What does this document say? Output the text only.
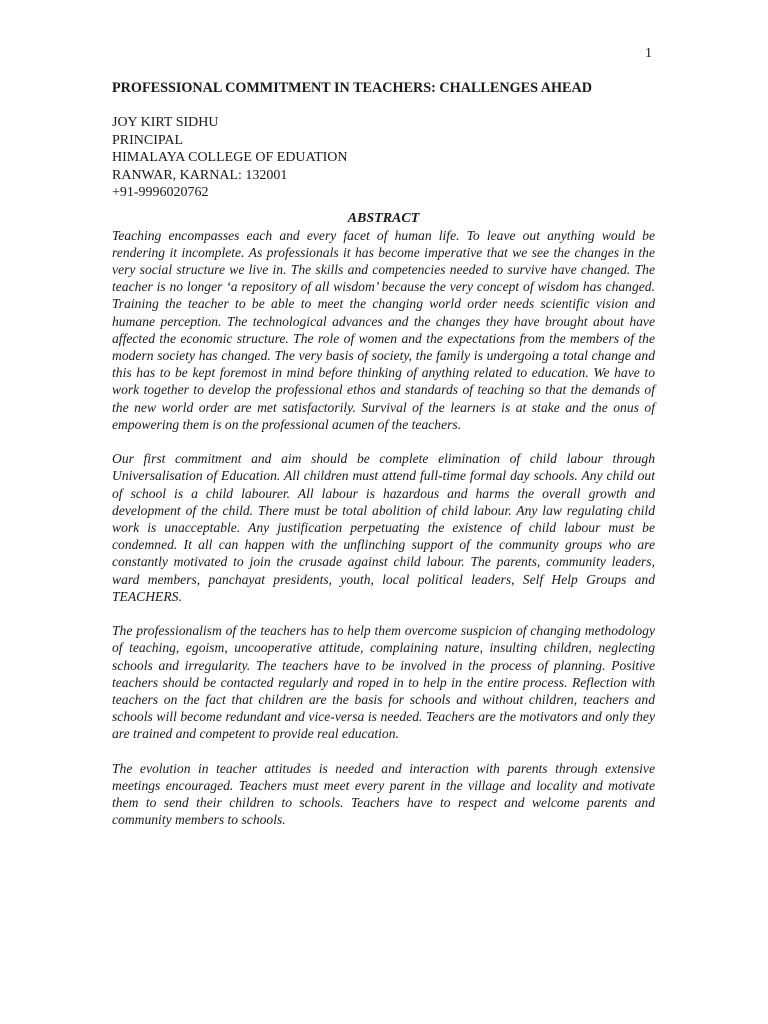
1
PROFESSIONAL COMMITMENT IN TEACHERS: CHALLENGES AHEAD
JOY KIRT SIDHU
PRINCIPAL
HIMALAYA COLLEGE OF EDUATION
RANWAR, KARNAL: 132001
+91-9996020762
ABSTRACT

Teaching encompasses each and every facet of human life. To leave out anything would be rendering it incomplete. As professionals it has become imperative that we see the changes in the very social structure we live in. The skills and competencies needed to survive have changed. The teacher is no longer ‘a repository of all wisdom’ because the very concept of wisdom has changed. Training the teacher to be able to meet the changing world order needs scientific vision and humane perception. The technological advances and the changes they have brought about have affected the economic structure. The role of women and the expectations from the members of the modern society has changed. The very basis of society, the family is undergoing a total change and this has to be kept foremost in mind before thinking of anything related to education. We have to work together to develop the professional ethos and standards of teaching so that the demands of the new world order are met satisfactorily. Survival of the learners is at stake and the onus of empowering them is on the professional acumen of the teachers.

Our first commitment and aim should be complete elimination of child labour through Universalisation of Education. All children must attend full-time formal day schools. Any child out of school is a child labourer. All labour is hazardous and harms the overall growth and development of the child. There must be total abolition of child labour. Any law regulating child work is unacceptable. Any justification perpetuating the existence of child labour must be condemned. It all can happen with the unflinching support of the community groups who are constantly motivated to join the crusade against child labour. The parents, community leaders, ward members, panchayat presidents, youth, local political leaders, Self Help Groups and TEACHERS.

The professionalism of the teachers has to help them overcome suspicion of changing methodology of teaching, egoism, uncooperative attitude, complaining nature, insulting children, neglecting schools and irregularity. The teachers have to be involved in the process of planning. Positive teachers should be contacted regularly and roped in to help in the entire process. Reflection with teachers on the fact that children are the basis for schools and without children, teachers and schools will become redundant and vice-versa is needed. Teachers are the motivators and only they are trained and competent to provide real education.

The evolution in teacher attitudes is needed and interaction with parents through extensive meetings encouraged. Teachers must meet every parent in the village and locality and motivate them to send their children to schools. Teachers have to respect and welcome parents and community members to schools.
